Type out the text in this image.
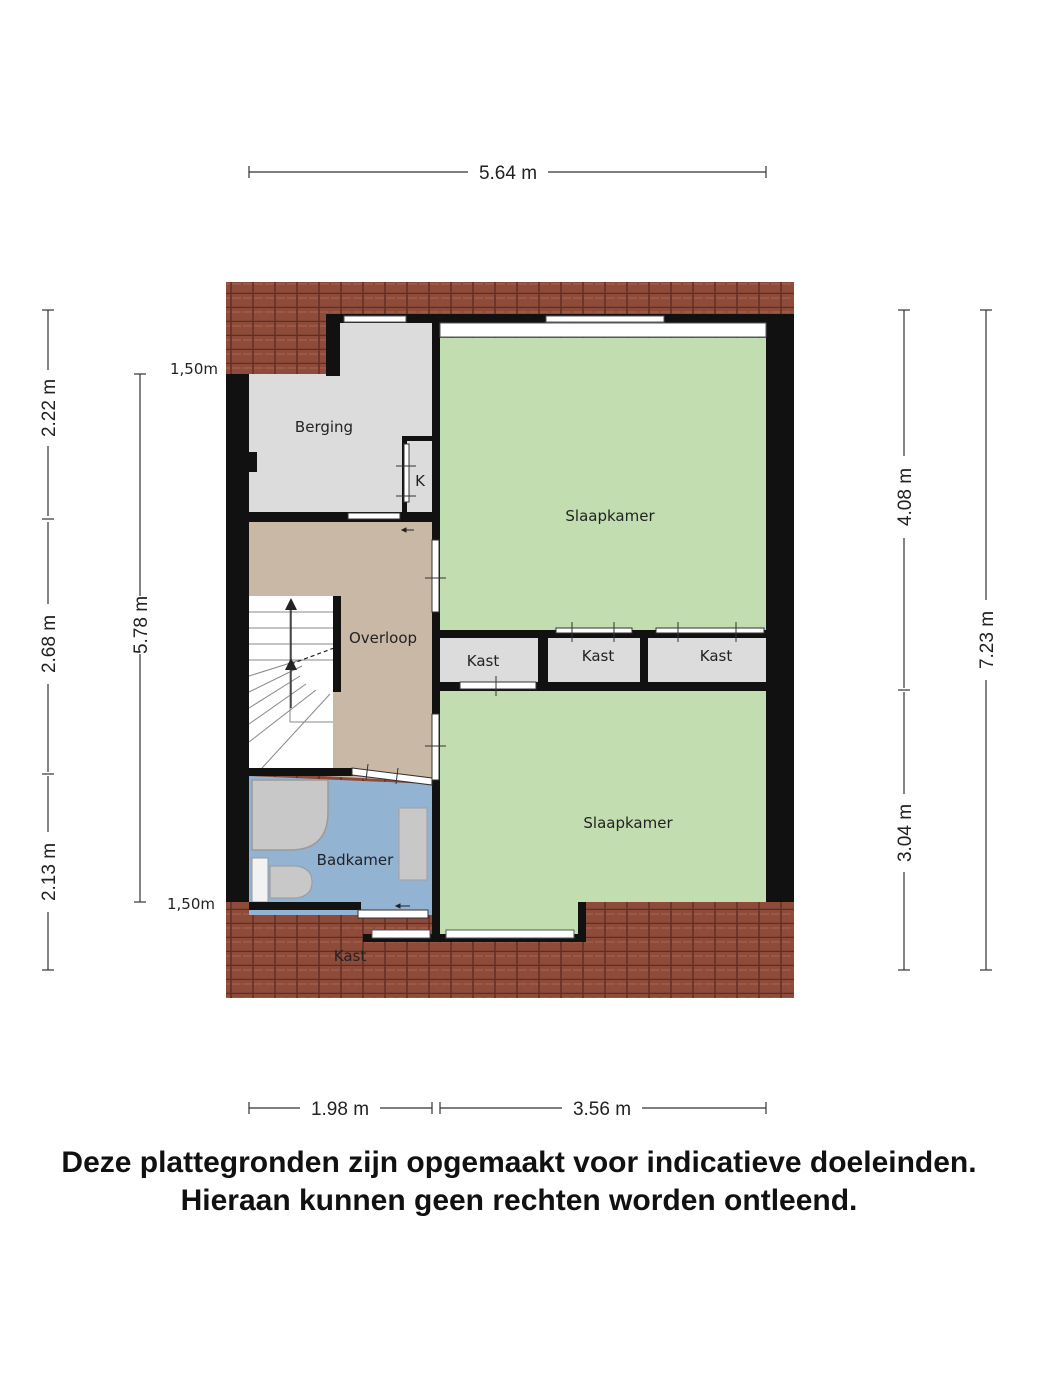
5.64 m
1.98 m	3.56 m
2.22 m
2.68 m
2.13 m
5.78 m
4.08 m
3.04 m
7.23 m
1,50m
1,50m
Berging
K
Overloop
Badkamer
Slaapkamer
Slaapkamer
Kast	Kast	Kast
Kast
Deze plattegronden zijn opgemaakt voor indicatieve doeleinden.
Hieraan kunnen geen rechten worden ontleend.
